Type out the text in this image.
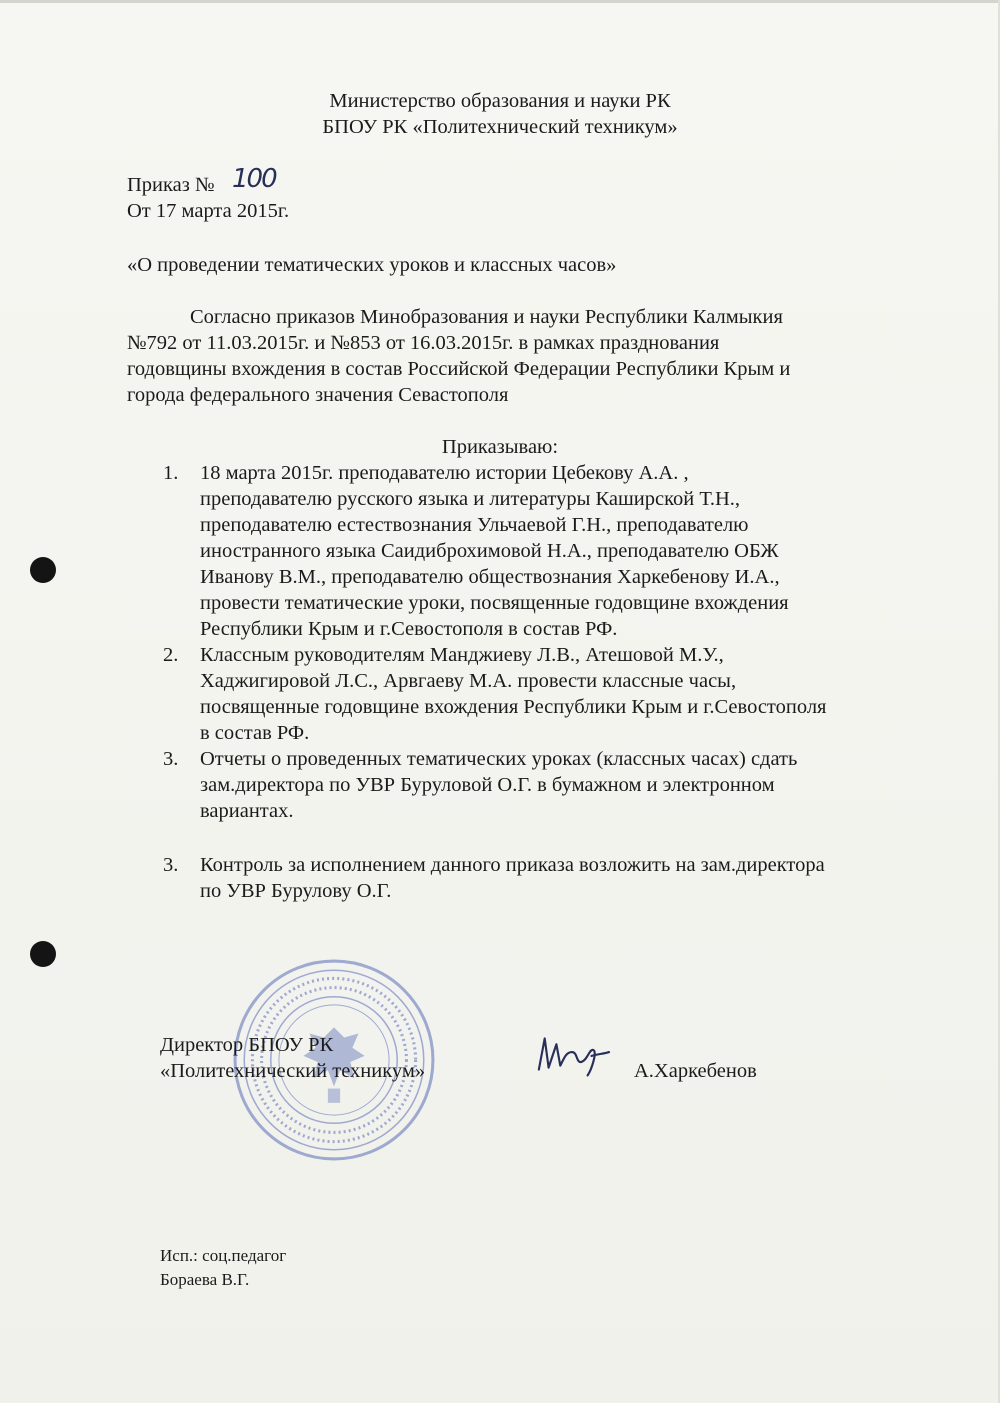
Министерство образования и науки РК
БПОУ РК «Политехнический техникум»
Приказ № 100
От 17 марта 2015г.
«О проведении тематических уроков и классных часов»
Согласно приказов Минобразования и науки Республики Калмыкия
№792 от 11.03.2015г. и №853 от 16.03.2015г. в рамках празднования
годовщины вхождения в состав Российской Федерации Республики Крым и
города федерального значения Севастополя
Приказываю:
1. 18 марта 2015г. преподавателю истории Цебекову А.А. ,
преподавателю русского языка и литературы Каширской Т.Н.,
преподавателю естествознания Ульчаевой Г.Н., преподавателю
иностранного языка Саидиброхимовой Н.А., преподавателю ОБЖ
Иванову В.М., преподавателю обществознания Харкебенову И.А.,
провести тематические уроки, посвященные годовщине вхождения
Республики Крым и г.Севостополя в состав РФ.
2. Классным руководителям Манджиеву Л.В., Атешовой М.У.,
Хаджигировой Л.С., Арвгаеву М.А. провести классные часы,
посвященные годовщине вхождения Республики Крым и г.Севостополя
в состав РФ.
3. Отчеты о проведенных тематических уроках (классных часах) сдать
зам.директора по УВР Буруловой О.Г. в бумажном и электронном
вариантах.
3. Контроль за исполнением данного приказа возложить на зам.директора
по УВР Бурулову О.Г.
Директор БПОУ РК
«Политехнический техникум»	А.Харкебенов
Исп.: соц.педагог
Бораева В.Г.
